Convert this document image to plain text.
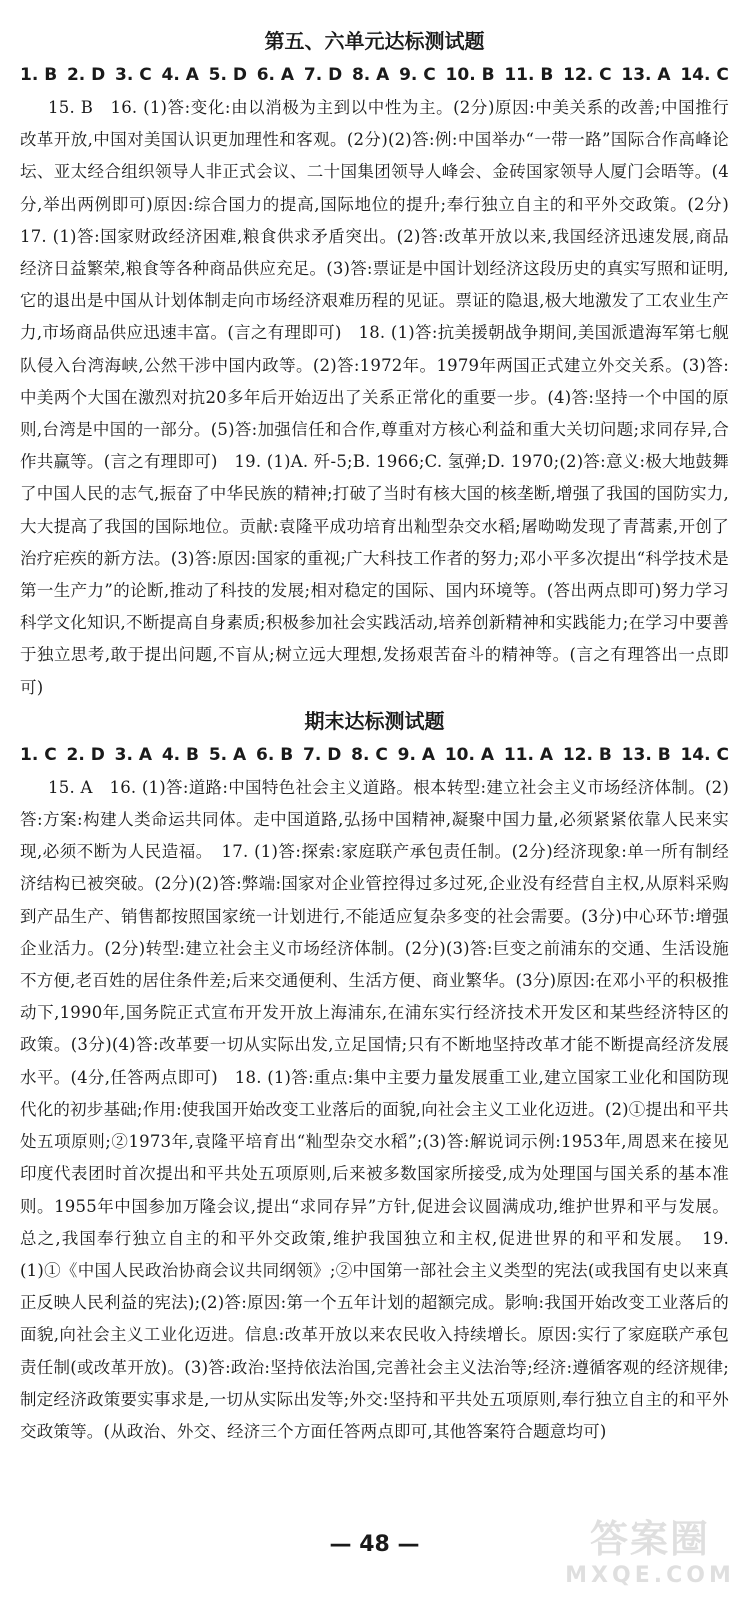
第五、六单元达标测试题
1. B 2. D 3. C 4. A 5. D 6. A 7. D 8. A 9. C 10. B 11. B 12. C 13. A 14. C

15. B　16. (1)答:变化:由以消极为主到以中性为主。(2分)原因:中美关系的改善;中国推行改革开放,中国对美国认识更加理性和客观。(2分)(2)答:例:中国举办“一带一路”国际合作高峰论坛、亚太经合组织领导人非正式会议、二十国集团领导人峰会、金砖国家领导人厦门会晤等。(4分,举出两例即可)原因:综合国力的提高,国际地位的提升;奉行独立自主的和平外交政策。(2分)　17. (1)答:国家财政经济困难,粮食供求矛盾突出。(2)答:改革开放以来,我国经济迅速发展,商品经济日益繁荣,粮食等各种商品供应充足。(3)答:票证是中国计划经济这段历史的真实写照和证明,它的退出是中国从计划体制走向市场经济艰难历程的见证。票证的隐退,极大地激发了工农业生产力,市场商品供应迅速丰富。(言之有理即可)　18. (1)答:抗美援朝战争期间,美国派遣海军第七舰队侵入台湾海峡,公然干涉中国内政等。(2)答:1972年。1979年两国正式建立外交关系。(3)答:中美两个大国在激烈对抗20多年后开始迈出了关系正常化的重要一步。(4)答:坚持一个中国的原则,台湾是中国的一部分。(5)答:加强信任和合作,尊重对方核心利益和重大关切问题;求同存异,合作共赢等。(言之有理即可)　19. (1)A. 歼-5;B. 1966;C. 氢弹;D. 1970;(2)答:意义:极大地鼓舞了中国人民的志气,振奋了中华民族的精神;打破了当时有核大国的核垄断,增强了我国的国防实力,大大提高了我国的国际地位。贡献:袁隆平成功培育出籼型杂交水稻;屠呦呦发现了青蒿素,开创了治疗疟疾的新方法。(3)答:原因:国家的重视;广大科技工作者的努力;邓小平多次提出“科学技术是第一生产力”的论断,推动了科技的发展;相对稳定的国际、国内环境等。(答出两点即可)努力学习科学文化知识,不断提高自身素质;积极参加社会实践活动,培养创新精神和实践能力;在学习中要善于独立思考,敢于提出问题,不盲从;树立远大理想,发扬艰苦奋斗的精神等。(言之有理答出一点即可)

期末达标测试题
1. C 2. D 3. A 4. B 5. A 6. B 7. D 8. C 9. A 10. A 11. A 12. B 13. B 14. C

15. A　16. (1)答:道路:中国特色社会主义道路。根本转型:建立社会主义市场经济体制。(2)答:方案:构建人类命运共同体。走中国道路,弘扬中国精神,凝聚中国力量,必须紧紧依靠人民来实现,必须不断为人民造福。　17. (1)答:探索:家庭联产承包责任制。(2分)经济现象:单一所有制经济结构已被突破。(2分)(2)答:弊端:国家对企业管控得过多过死,企业没有经营自主权,从原料采购到产品生产、销售都按照国家统一计划进行,不能适应复杂多变的社会需要。(3分)中心环节:增强企业活力。(2分)转型:建立社会主义市场经济体制。(2分)(3)答:巨变之前浦东的交通、生活设施不方便,老百姓的居住条件差;后来交通便利、生活方便、商业繁华。(3分)原因:在邓小平的积极推动下,1990年,国务院正式宣布开发开放上海浦东,在浦东实行经济技术开发区和某些经济特区的政策。(3分)(4)答:改革要一切从实际出发,立足国情;只有不断地坚持改革才能不断提高经济发展水平。(4分,任答两点即可)　18. (1)答:重点:集中主要力量发展重工业,建立国家工业化和国防现代化的初步基础;作用:使我国开始改变工业落后的面貌,向社会主义工业化迈进。(2)①提出和平共处五项原则;②1973年,袁隆平培育出“籼型杂交水稻”;(3)答:解说词示例:1953年,周恩来在接见印度代表团时首次提出和平共处五项原则,后来被多数国家所接受,成为处理国与国关系的基本准则。1955年中国参加万隆会议,提出“求同存异”方针,促进会议圆满成功,维护世界和平与发展。总之,我国奉行独立自主的和平外交政策,维护我国独立和主权,促进世界的和平和发展。　19. (1)①《中国人民政治协商会议共同纲领》;②中国第一部社会主义类型的宪法(或我国有史以来真正反映人民利益的宪法);(2)答:原因:第一个五年计划的超额完成。影响:我国开始改变工业落后的面貌,向社会主义工业化迈进。信息:改革开放以来农民收入持续增长。原因:实行了家庭联产承包责任制(或改革开放)。(3)答:政治:坚持依法治国,完善社会主义法治等;经济:遵循客观的经济规律;制定经济政策要实事求是,一切从实际出发等;外交:坚持和平共处五项原则,奉行独立自主的和平外交政策等。(从政治、外交、经济三个方面任答两点即可,其他答案符合题意均可)

— 48 —	答案圈
MXQE.COM
